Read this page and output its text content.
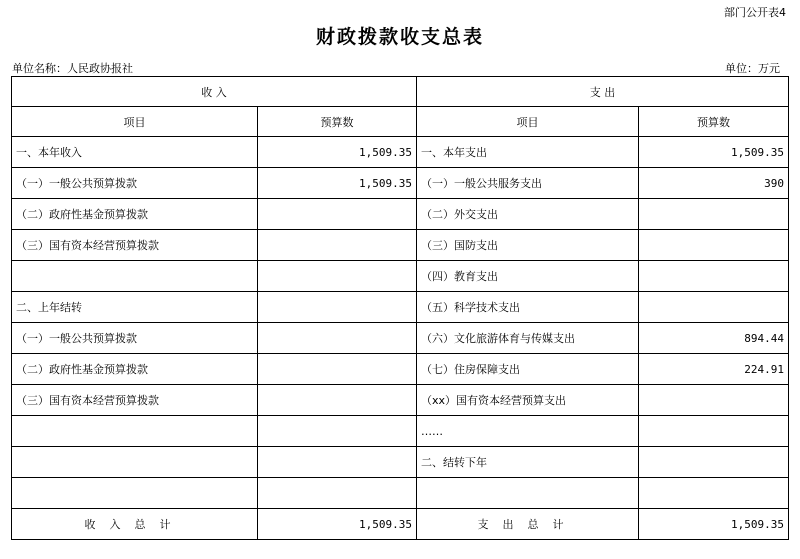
部门公开表4
财政拨款收支总表
单位名称：人民政协报社	单位：万元
收 入		支 出	
项目	预算数	项目	预算数
一、本年收入	1,509.35	一、本年支出	1,509.35
（一）一般公共预算拨款	1,509.35	（一）一般公共服务支出	390
（二）政府性基金预算拨款		（二）外交支出	
（三）国有资本经营预算拨款		（三）国防支出	
		（四）教育支出	
二、上年结转		（五）科学技术支出	
（一）一般公共预算拨款		（六）文化旅游体育与传媒支出	894.44
（二）政府性基金预算拨款		（七）住房保障支出	224.91
（三）国有资本经营预算拨款		（xx）国有资本经营预算支出	
		……	
		二、结转下年	

收入总计	1,509.35	支出总计	1,509.35
